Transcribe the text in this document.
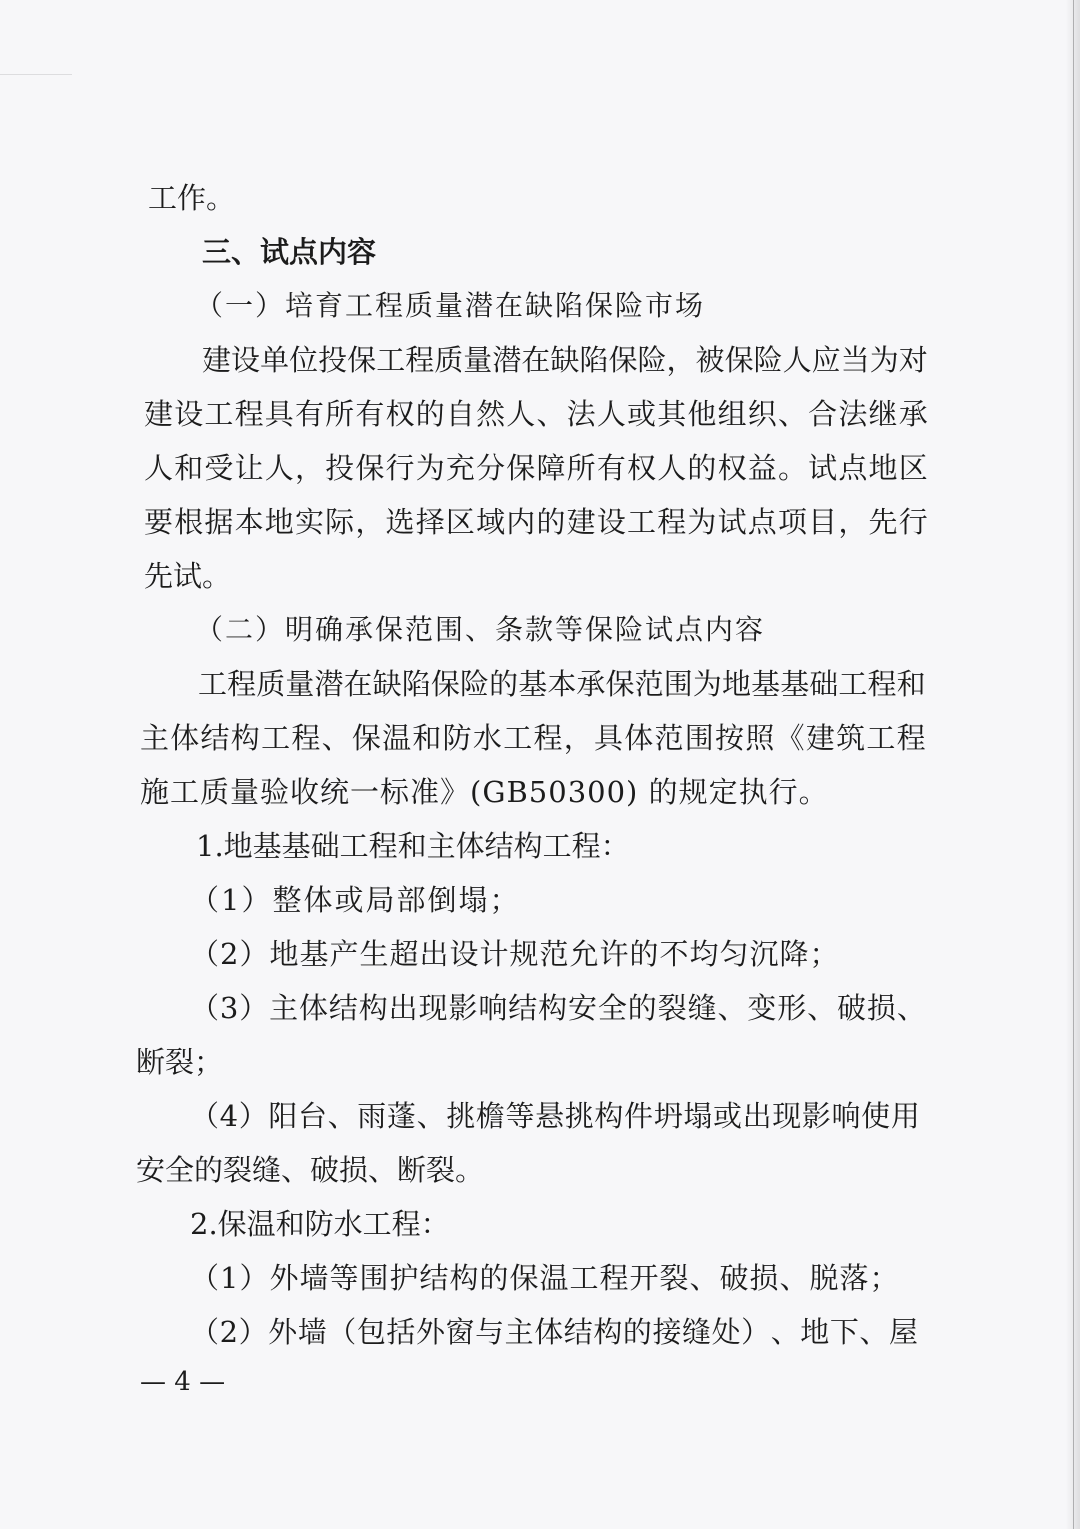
工作。
三、试点内容
（一）培育工程质量潜在缺陷保险市场
建 设 单 位 投 保 工 程 质 量 潜 在 缺 陷 保 险 ， 被 保 险 人 应 当 为 对
建 设 工 程 具 有 所 有 权 的 自 然 人 、 法 人 或 其 他 组 织 、 合 法 继 承
人 和 受 让 人 ， 投 保 行 为 充 分 保 障 所 有 权 人 的 权 益 。 试 点 地 区
要 根 据 本 地 实 际 ， 选 择 区 域 内 的 建 设 工 程 为 试 点 项 目 ， 先 行
先试。
（二）明确承保范围、条款等保险试点内容
工 程 质 量 潜 在 缺 陷 保 险 的 基 本 承 保 范 围 为 地 基 基 础 工 程 和
主 体 结 构 工 程 、 保 温 和 防 水 工 程 ， 具 体 范 围 按 照 《 建 筑 工 程
施工质量验收统一标准》(GB50300) 的规定执行。
1.地基基础工程和主体结构工程：
（1）整体或局部倒塌；
（2）地基产生超出设计规范允许的不均匀沉降；
（ 3 ） 主 体 结 构 出 现 影 响 结 构 安 全 的 裂 缝 、 变 形 、 破 损 、
断裂；
（ 4 ） 阳 台 、 雨 蓬 、 挑 檐 等 悬 挑 构 件 坍 塌 或 出 现 影 响 使 用
安全的裂缝、破损、断裂。
2.保温和防水工程：
（1）外墙等围护结构的保温工程开裂、破损、脱落；
（ 2 ） 外 墙 （ 包 括 外 窗 与 主 体 结 构 的 接 缝 处 ） 、 地 下 、 屋
— 4 —
